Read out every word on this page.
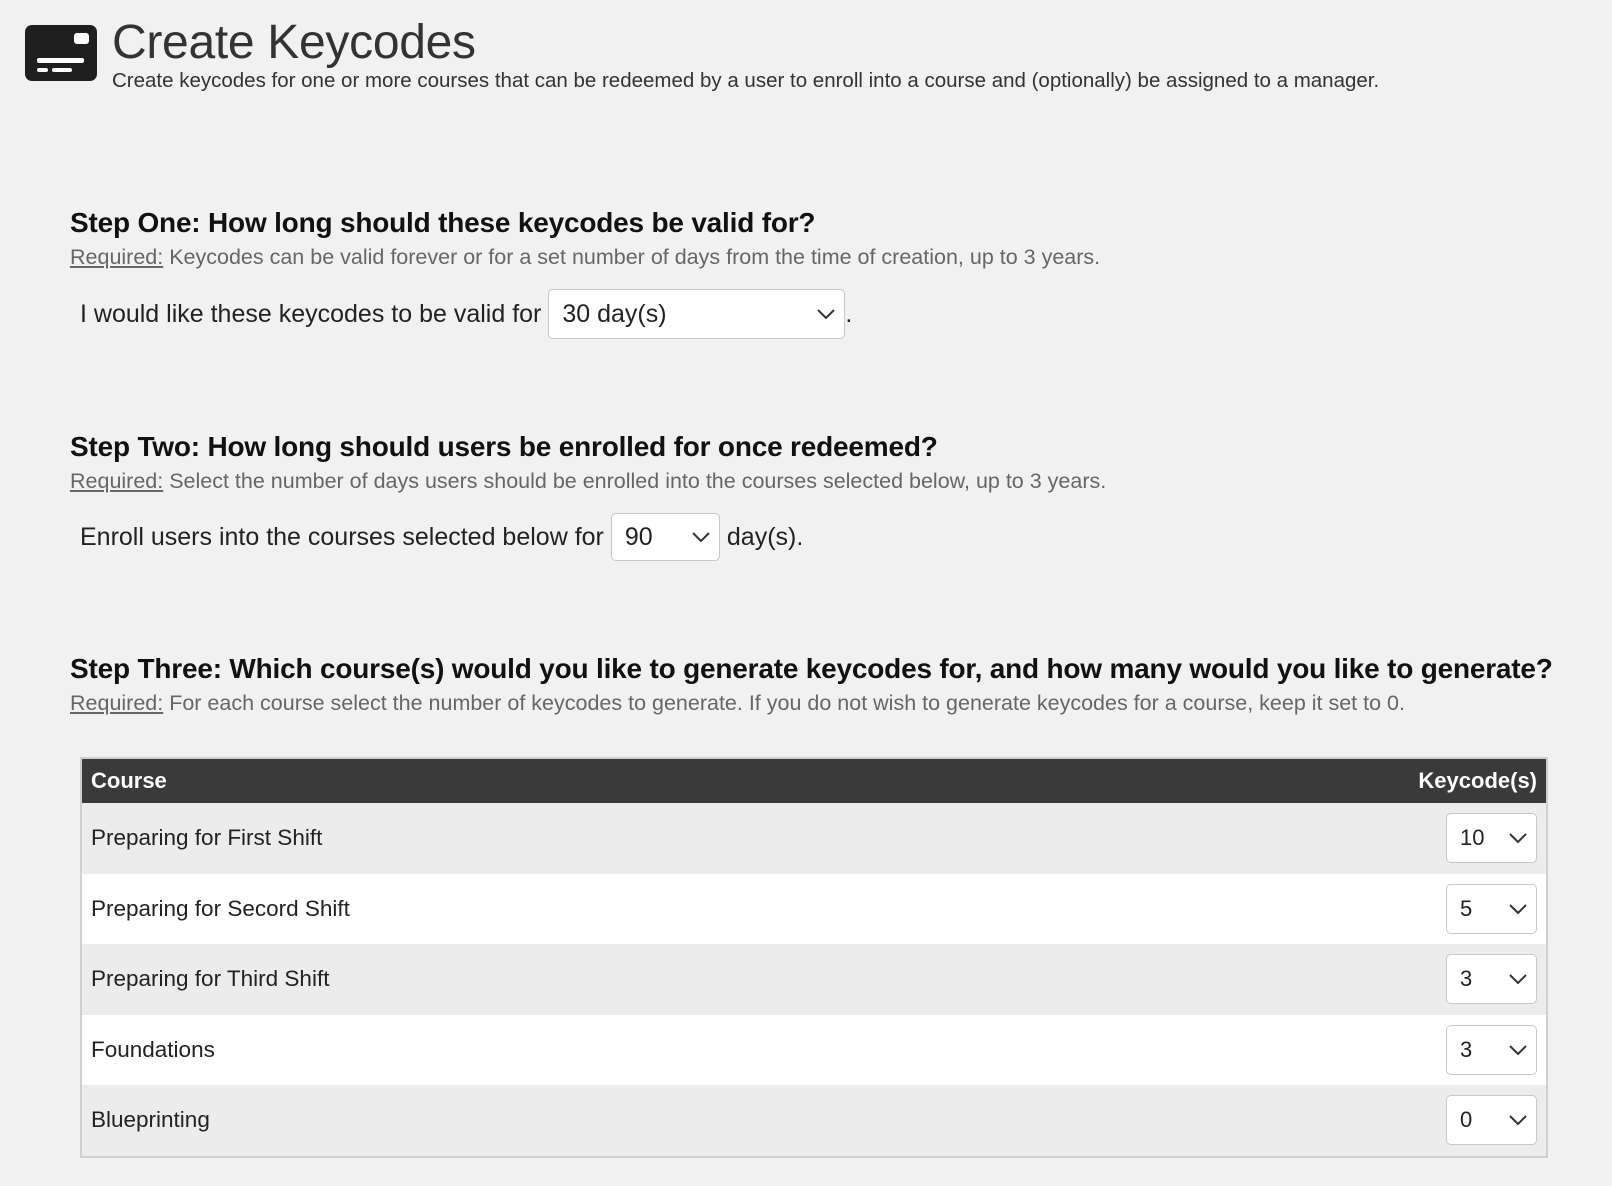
Create Keycodes
Create keycodes for one or more courses that can be redeemed by a user to enroll into a course and (optionally) be assigned to a manager.
Step One: How long should these keycodes be valid for?
Required: Keycodes can be valid forever or for a set number of days from the time of creation, up to 3 years.
I would like these keycodes to be valid for 30 day(s)	.
Step Two: How long should users be enrolled for once redeemed?
Required: Select the number of days users should be enrolled into the courses selected below, up to 3 years.
Enroll users into the courses selected below for 90	day(s).
Step Three: Which course(s) would you like to generate keycodes for, and how many would you like to generate?
Required: For each course select the number of keycodes to generate. If you do not wish to generate keycodes for a course, keep it set to 0.
Course	Keycode(s)
Preparing for First Shift	10
Preparing for Secord Shift	5
Preparing for Third Shift	3
Foundations	3
Blueprinting	0
